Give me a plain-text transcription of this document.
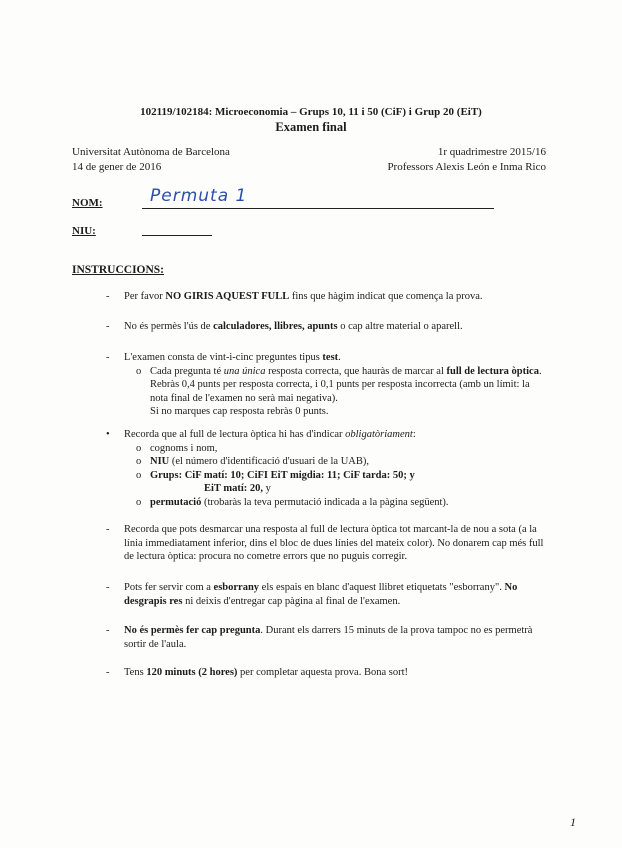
102119/102184: Microeconomia – Grups 10, 11 i 50 (CiF) i Grup 20 (EiT)
Examen final
Universitat Autònoma de Barcelona
14 de gener de 2016
1r quadrimestre 2015/16
Professors Alexis León e Inma Rico
NOM:	Permuta 1
NIU:
INSTRUCCIONS:
- Per favor NO GIRIS AQUEST FULL fins que hàgim indicat que comença la prova.
- No és permès l'ús de calculadores, llibres, apunts o cap altre material o aparell.
- L'examen consta de vint-i-cinc preguntes tipus test.
o Cada pregunta té una única resposta correcta, que hauràs de marcar al full de lectura òptica. Rebràs 0,4 punts per resposta correcta, i 0,1 punts per resposta incorrecta (amb un límit: la nota final de l'examen no serà mai negativa).
Si no marques cap resposta rebràs 0 punts.
• Recorda que al full de lectura òptica hi has d'indicar obligatòriament:
o cognoms i nom,
o NIU (el número d'identificació d'usuari de la UAB),
o Grups: CiF matí: 10; CiFI EiT migdia: 11; CiF tarda: 50; y
EiT matí: 20, y
o permutació (trobaràs la teva permutació indicada a la pàgina següent).
- Recorda que pots desmarcar una resposta al full de lectura òptica tot marcant-la de nou a sota (a la línia immediatament inferior, dins el bloc de dues línies del mateix color). No donarem cap més full de lectura òptica: procura no cometre errors que no puguis corregir.
- Pots fer servir com a esborrany els espais en blanc d'aquest llibret etiquetats "esborrany". No desgrapis res ni deixis d'entregar cap pàgina al final de l'examen.
- No és permès fer cap pregunta. Durant els darrers 15 minuts de la prova tampoc no es permetrà sortir de l'aula.
- Tens 120 minuts (2 hores) per completar aquesta prova. Bona sort!
1
